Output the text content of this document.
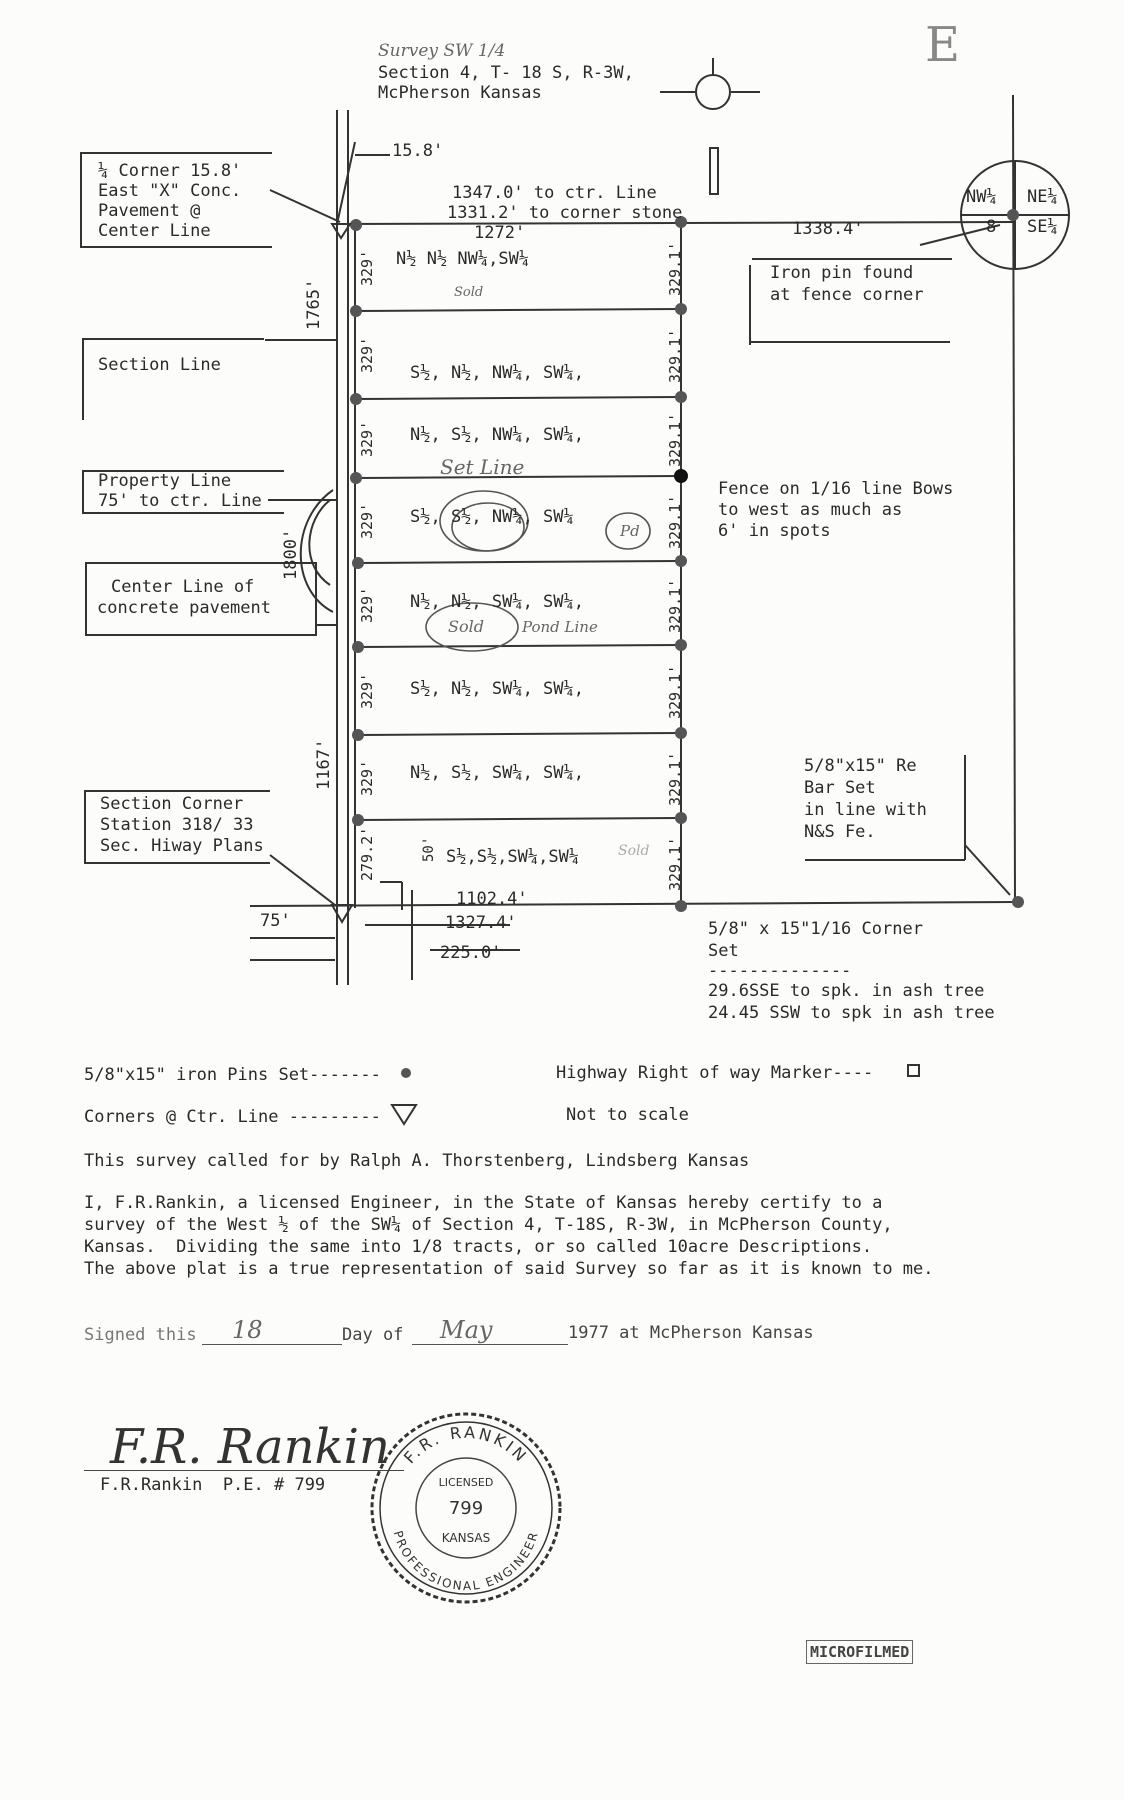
Survey SW 1/4
Section 4, T- 18 S, R-3W,
McPherson Kansas
E
¼ Corner 15.8'
East "X" Conc.
Pavement @
Center Line
Section Line
Property Line
75' to ctr. Line
Center Line of
concrete pavement
Section Corner
Station 318/ 33
Sec. Hiway Plans
Iron pin found
at fence corner
Fence on 1/16 line Bows
to west as much as
6' in spots
5/8"x15" Re
Bar Set
in line with
N&S Fe.
5/8" x 15"1/16 Corner
Set
--------------
29.6SSE to spk. in ash tree
24.45 SSW to spk in ash tree
15.8'
1347.0' to ctr. Line
1331.2' to corner stone
1272'	1338.4'
1102.4'
1327.4'
75'
225.0'
1765'
1800'
1167'
329'	329.1'
329'	329.1'
329'	329.1'
329'	329.1'
329'	329.1'
329'	329.1'
329'	329.1'
279.2'	329.1'
50'
NW¼ NE¼
8 SE¼
N½ N½ NW¼,SW¼
S½, N½, NW¼, SW¼,
N½, S½, NW¼, SW¼,
S½, S½, NW¼, SW¼
N½, N½, SW¼, SW¼,
S½, N½, SW¼, SW¼,
N½, S½, SW¼, SW¼,
S½,S½,SW¼,SW¼
Sold
Set Line
Pd
Sold	Pond Line
Sold
5/8"x15" iron Pins Set-------	Highway Right of way Marker----
Corners @ Ctr. Line ---------	Not to scale
This survey called for by Ralph A. Thorstenberg, Lindsberg Kansas
I, F.R.Rankin, a licensed Engineer, in the State of Kansas hereby certify to a
survey of the West ½ of the SW¼ of Section 4, T-18S, R-3W, in McPherson County,
Kansas.  Dividing the same into 1/8 tracts, or so called 10acre Descriptions.
The above plat is a true representation of said Survey so far as it is known to me.
Signed this 18	Day of May	1977 at McPherson Kansas
F.R. Rankin
F.R.Rankin  P.E. # 799
F.R. RANKIN
PROFESSIONAL ENGINEER
LICENSED
799
KANSAS
MICROFILMED
